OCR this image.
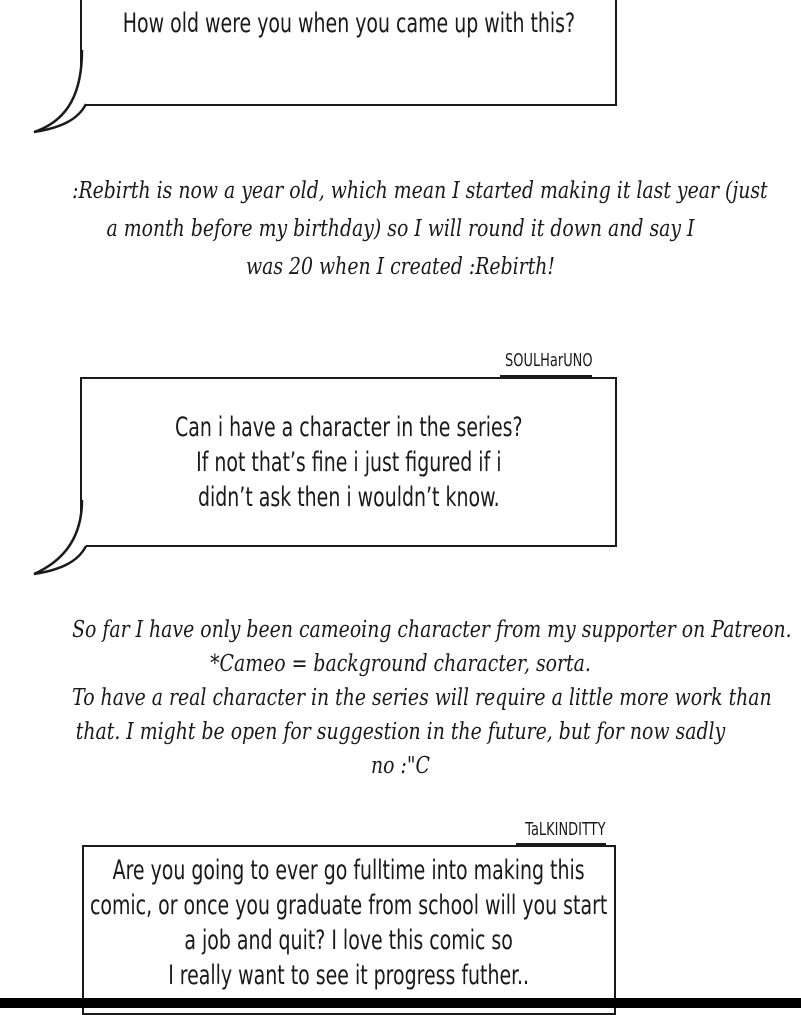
How old were you when you came up with this?
:Rebirth is now a year old, which mean I started making it last year (just
a month before my birthday) so I will round it down and say I
was 20 when I created :Rebirth!
SOULHarUNO
Can i have a character in the series?
If not that’s fine i just figured if i
didn’t ask then i wouldn’t know.
So far I have only been cameoing character from my supporter on Patreon.
*Cameo = background character, sorta.
To have a real character in the series will require a little more work than
that. I might be open for suggestion in the future, but for now sadly
no :"C
TaLKINDITTY
Are you going to ever go fulltime into making this
comic, or once you graduate from school will you start
a job and quit? I love this comic so
I really want to see it progress futher..
